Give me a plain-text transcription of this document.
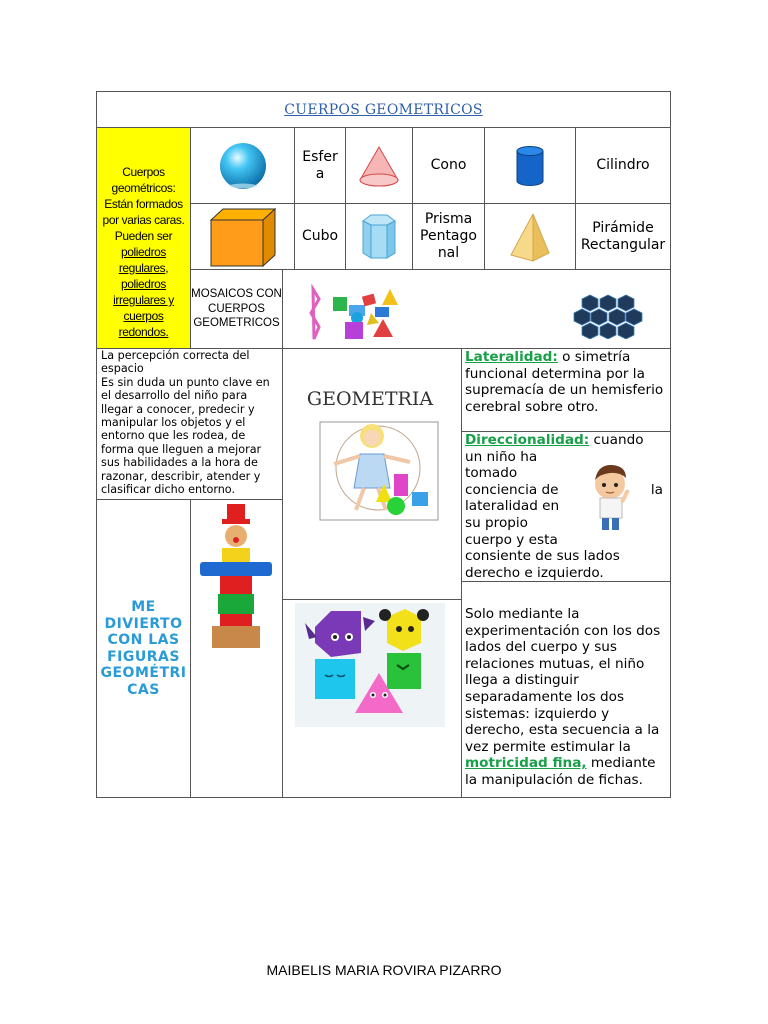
CUERPOS GEOMETRICOS
Cuerpos geométricos: Están formados por varias caras. Pueden ser poliedros regulares, poliedros irregulares y cuerpos redondos.
Esfer
a
Cono	Cilindro
Cubo
Prisma
Pentago
nal
Pirámide
Rectangular
MOSAICOS CON
CUERPOS
GEOMETRICOS
La percepción correcta del espacio
Es sin duda un punto clave en el desarrollo del niño para llegar a conocer, predecir y manipular los objetos y el entorno que les rodea, de forma que lleguen a mejorar sus habilidades a la hora de razonar, describir, atender y clasificar dicho entorno.
GEOMETRIA
Lateralidad: o simetría funcional determina por la supremacía de un hemisferio cerebral sobre otro.
Direccionalidad: cuando
un niño ha
tomado
conciencia de	la
lateralidad en
su propio
cuerpo y esta
consiente de sus lados
derecho e izquierdo.
ME
DIVIERTO
CON LAS
FIGURAS
GEOMÉTRI
CAS
Solo mediante la experimentación con los dos lados del cuerpo y sus relaciones mutuas, el niño llega a distinguir separadamente los dos sistemas: izquierdo y derecho, esta secuencia a la vez permite estimular la motricidad fina, mediante la manipulación de fichas.
MAIBELIS MARIA ROVIRA PIZARRO
